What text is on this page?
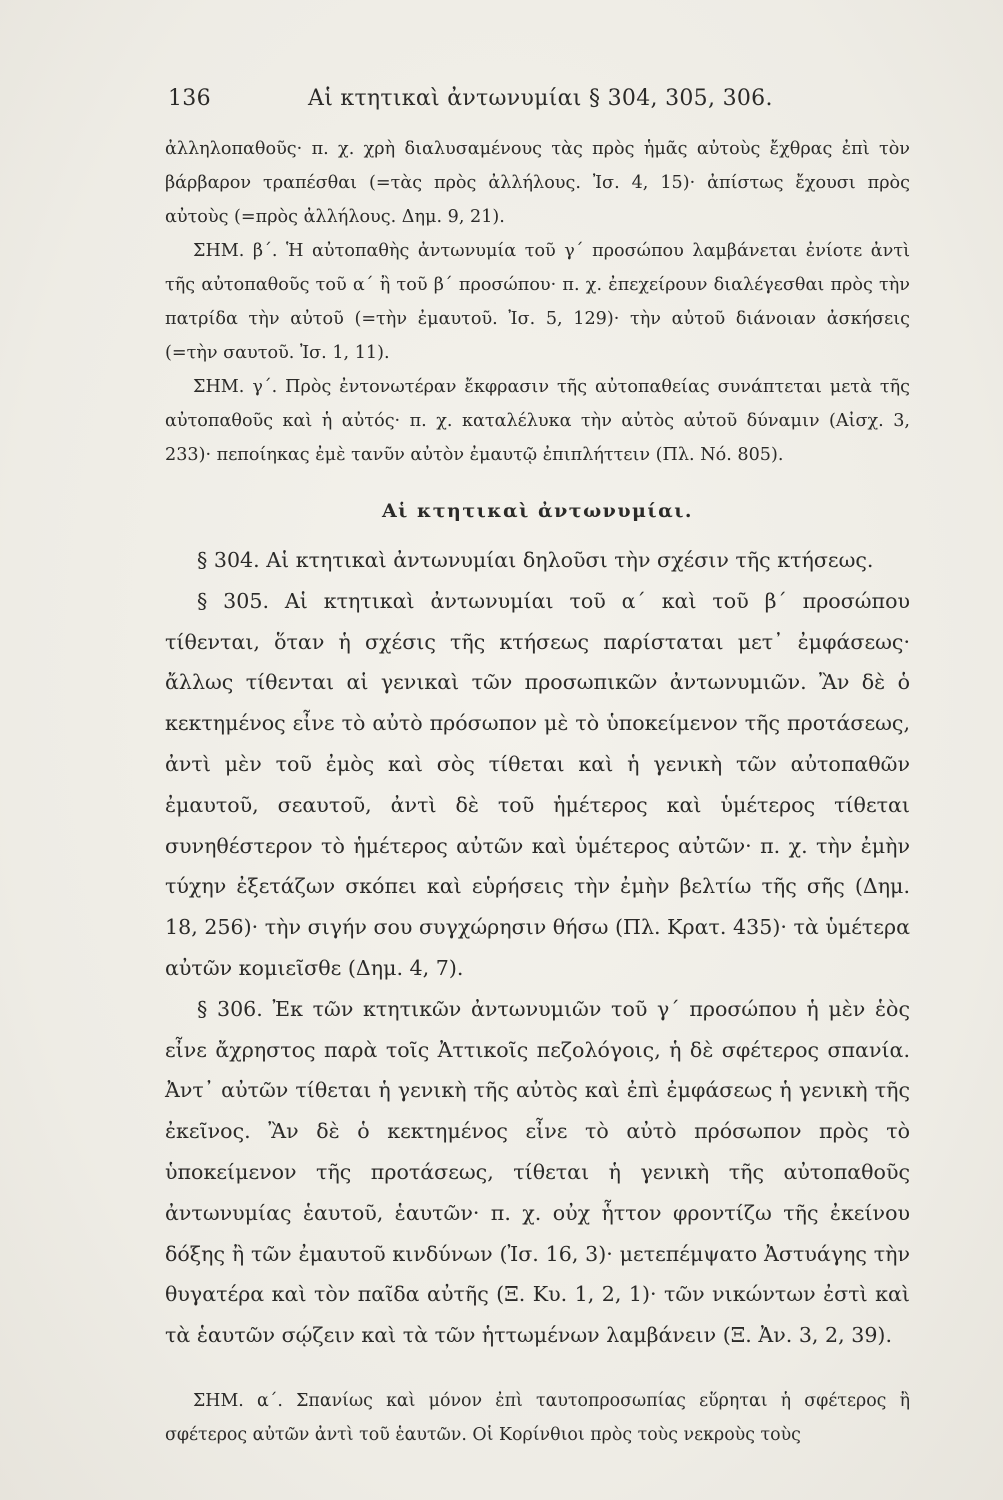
136	Αἱ κτητικαὶ ἀντωνυμίαι § 304, 305, 306.

ἀλληλοπαθοῦς· π. χ. χρὴ διαλυσαμένους τὰς πρὸς ἡμᾶς αὐτοὺς ἔχθρας ἐπὶ τὸν βάρβαρον τραπέσθαι (=τὰς πρὸς ἀλλήλους. Ἰσ. 4, 15)· ἀπίστως ἔχουσι πρὸς αὐτοὺς (=πρὸς ἀλλήλους. Δημ. 9, 21).

ΣΗΜ. β΄. Ἡ αὐτοπαθὴς ἀντωνυμία τοῦ γ΄ προσώπου λαμβάνεται ἐνίοτε ἀντὶ τῆς αὐτοπαθοῦς τοῦ α΄ ἢ τοῦ β΄ προσώπου· π. χ. ἐπεχείρουν διαλέγεσθαι πρὸς τὴν πατρίδα τὴν αὐτοῦ (=τὴν ἐμαυτοῦ. Ἰσ. 5, 129)· τὴν αὐτοῦ διάνοιαν ἀσκήσεις (=τὴν σαυτοῦ. Ἰσ. 1, 11).

ΣΗΜ. γ΄. Πρὸς ἐντονωτέραν ἔκφρασιν τῆς αὐτοπαθείας συνάπτεται μετὰ τῆς αὐτοπαθοῦς καὶ ἡ αὐτός· π. χ. καταλέλυκα τὴν αὐτὸς αὐτοῦ δύναμιν (Αἰσχ. 3, 233)· πεποίηκας ἐμὲ τανῦν αὐτὸν ἐμαυτῷ ἐπιπλήττειν (Πλ. Νό. 805).

Αἱ κτητικαὶ ἀντωνυμίαι.

§ 304. Αἱ κτητικαὶ ἀντωνυμίαι δηλοῦσι τὴν σχέσιν τῆς κτήσεως.

§ 305. Αἱ κτητικαὶ ἀντωνυμίαι τοῦ α΄ καὶ τοῦ β΄ προσώπου τίθενται, ὅταν ἡ σχέσις τῆς κτήσεως παρίσταται μετ᾽ ἐμφάσεως· ἄλλως τίθενται αἱ γενικαὶ τῶν προσωπικῶν ἀντωνυμιῶν. Ἂν δὲ ὁ κεκτημένος εἶνε τὸ αὐτὸ πρόσωπον μὲ τὸ ὑποκείμενον τῆς προτάσεως, ἀντὶ μὲν τοῦ ἐμὸς καὶ σὸς τίθεται καὶ ἡ γενικὴ τῶν αὐτοπαθῶν ἐμαυτοῦ, σεαυτοῦ, ἀντὶ δὲ τοῦ ἡμέτερος καὶ ὑμέτερος τίθεται συνηθέστερον τὸ ἡμέτερος αὐτῶν καὶ ὑμέτερος αὐτῶν· π. χ. τὴν ἐμὴν τύχην ἐξετάζων σκόπει καὶ εὑρήσεις τὴν ἐμὴν βελτίω τῆς σῆς (Δημ. 18, 256)· τὴν σιγήν σου συγχώρησιν θήσω (Πλ. Κρατ. 435)· τὰ ὑμέτερα αὐτῶν κομιεῖσθε (Δημ. 4, 7).

§ 306. Ἐκ τῶν κτητικῶν ἀντωνυμιῶν τοῦ γ΄ προσώπου ἡ μὲν ἑὸς εἶνε ἄχρηστος παρὰ τοῖς Ἀττικοῖς πεζολόγοις, ἡ δὲ σφέτερος σπανία. Ἀντ᾽ αὐτῶν τίθεται ἡ γενικὴ τῆς αὐτὸς καὶ ἐπὶ ἐμφάσεως ἡ γενικὴ τῆς ἐκεῖνος. Ἂν δὲ ὁ κεκτημένος εἶνε τὸ αὐτὸ πρόσωπον πρὸς τὸ ὑποκείμενον τῆς προτάσεως, τίθεται ἡ γενικὴ τῆς αὐτοπαθοῦς ἀντωνυμίας ἑαυτοῦ, ἑαυτῶν· π. χ. οὐχ ἧττον φροντίζω τῆς ἐκείνου δόξης ἢ τῶν ἐμαυτοῦ κινδύνων (Ἰσ. 16, 3)· μετεπέμψατο Ἀστυάγης τὴν θυγατέρα καὶ τὸν παῖδα αὐτῆς (Ξ. Κυ. 1, 2, 1)· τῶν νικώντων ἐστὶ καὶ τὰ ἑαυτῶν σῴζειν καὶ τὰ τῶν ἡττωμένων λαμβάνειν (Ξ. Ἀν. 3, 2, 39).

ΣΗΜ. α΄. Σπανίως καὶ μόνον ἐπὶ ταυτοπροσωπίας εὕρηται ἡ σφέτερος ἢ σφέτερος αὐτῶν ἀντὶ τοῦ ἑαυτῶν. Οἱ Κορίνθιοι πρὸς τοὺς νεκροὺς τοὺς
